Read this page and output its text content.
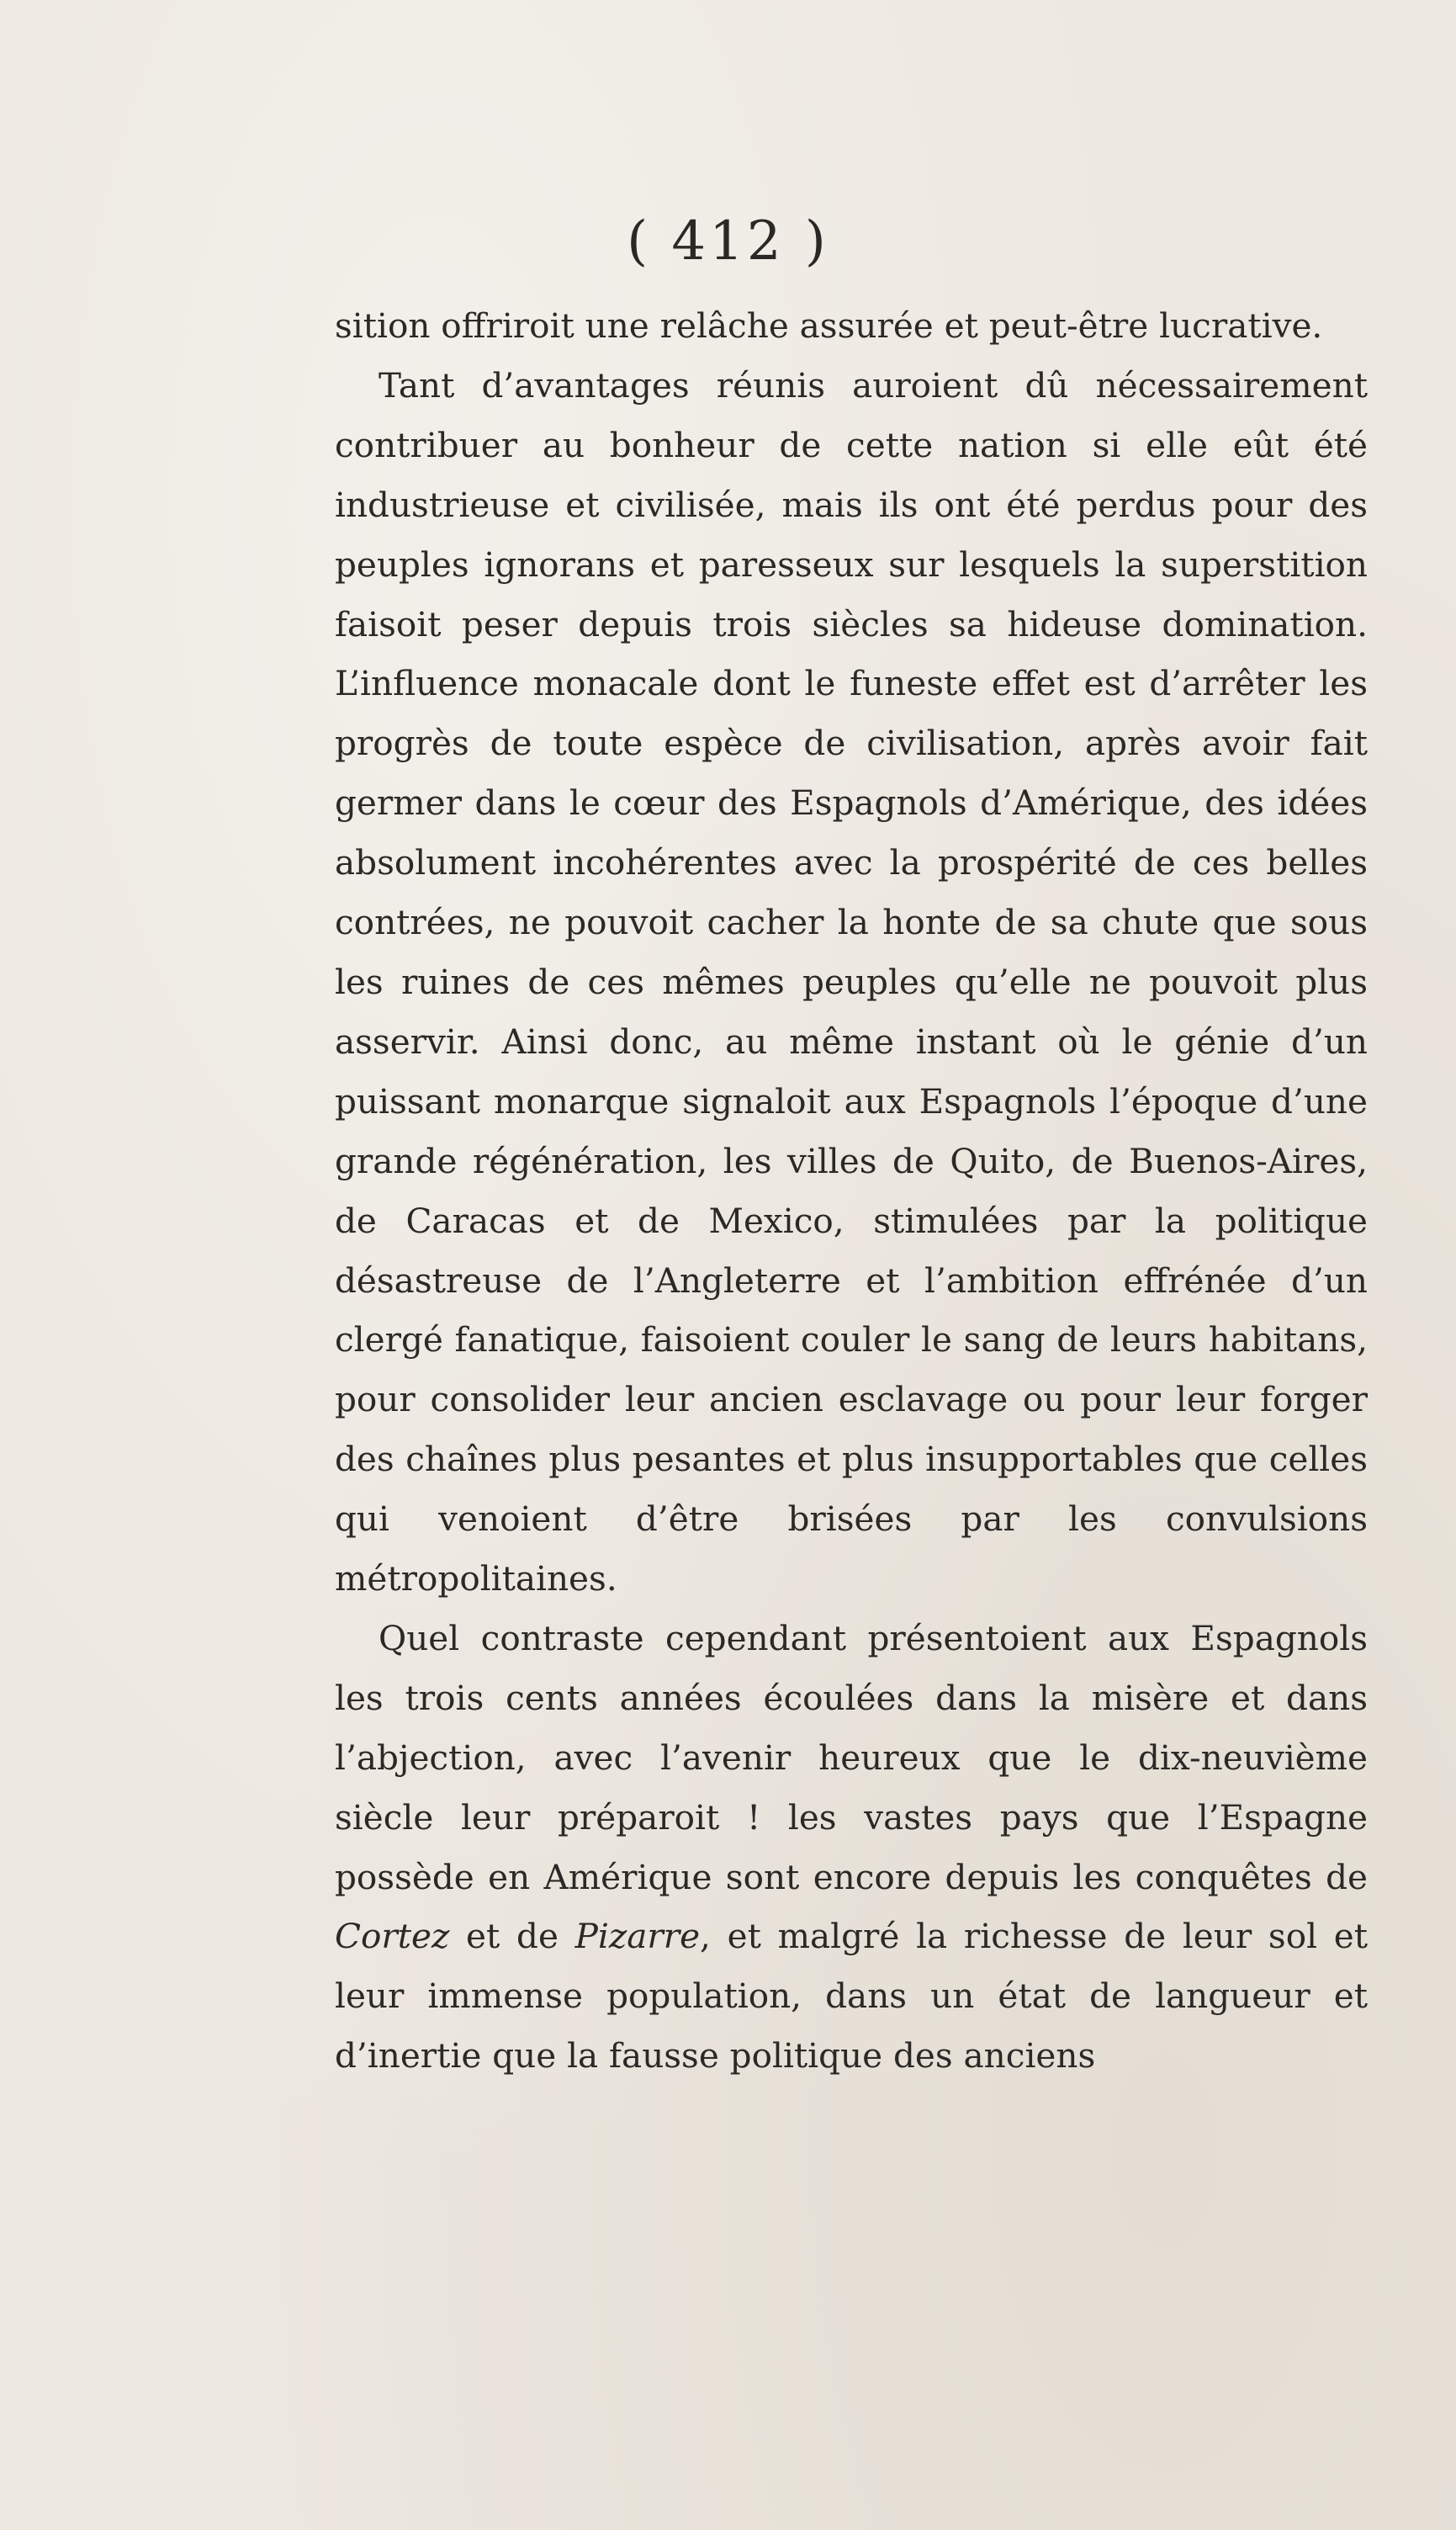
( 412 )

sition offriroit une relâche assurée et peut-être lucrative.

Tant d’avantages réunis auroient dû nécessairement contribuer au bonheur de cette nation si elle eût été industrieuse et civilisée, mais ils ont été perdus pour des peuples ignorans et paresseux sur lesquels la superstition faisoit peser depuis trois siècles sa hideuse domination. L’influence monacale dont le funeste effet est d’arrêter les progrès de toute espèce de civilisation, après avoir fait germer dans le cœur des Espagnols d’Amérique, des idées absolument incohérentes avec la prospérité de ces belles contrées, ne pouvoit cacher la honte de sa chute que sous les ruines de ces mêmes peuples qu’elle ne pouvoit plus asservir. Ainsi donc, au même instant où le génie d’un puissant monarque signaloit aux Espagnols l’époque d’une grande régénération, les villes de Quito, de Buenos-Aires, de Caracas et de Mexico, stimulées par la politique désastreuse de l’Angleterre et l’ambition effrénée d’un clergé fanatique, faisoient couler le sang de leurs habitans, pour consolider leur ancien esclavage ou pour leur forger des chaînes plus pesantes et plus insupportables que celles qui venoient d’être brisées par les convulsions métropolitaines.

Quel contraste cependant présentoient aux Espagnols les trois cents années écoulées dans la misère et dans l’abjection, avec l’avenir heureux que le dix-neuvième siècle leur préparoit ! les vastes pays que l’Espagne possède en Amérique sont encore depuis les conquêtes de Cortez et de Pizarre, et malgré la richesse de leur sol et leur immense population, dans un état de langueur et d’inertie que la fausse politique des anciens
